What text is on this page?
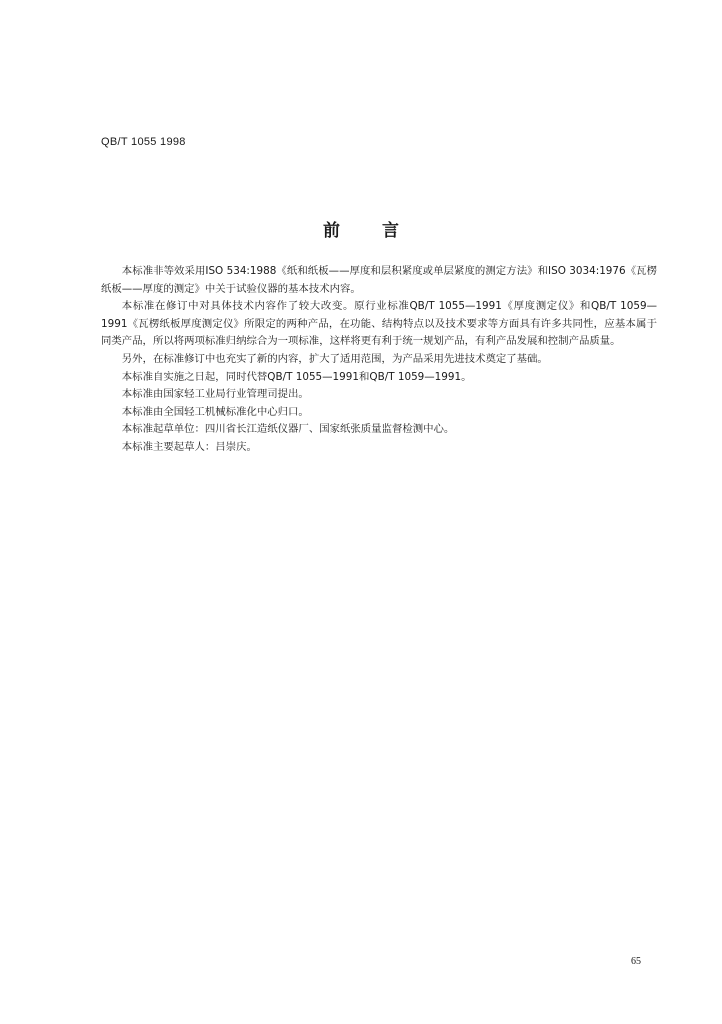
QB/T 1055 1998
前言

本标准非等效采用ISO 534:1988《纸和纸板——厚度和层积紧度或单层紧度的测定方法》和ISO 3034:1976《瓦楞纸板——厚度的测定》中关于试验仪器的基本技术内容。

本标准在修订中对具体技术内容作了较大改变。原行业标准QB/T 1055—1991《厚度测定仪》和QB/T 1059—1991《瓦楞纸板厚度测定仪》所限定的两种产品，在功能、结构特点以及技术要求等方面具有许多共同性，应基本属于同类产品，所以将两项标准归纳综合为一项标准，这样将更有利于统一规划产品，有利产品发展和控制产品质量。

另外，在标准修订中也充实了新的内容，扩大了适用范围，为产品采用先进技术奠定了基础。

本标准自实施之日起，同时代替QB/T 1055—1991和QB/T 1059—1991。

本标准由国家轻工业局行业管理司提出。

本标准由全国轻工机械标准化中心归口。

本标准起草单位：四川省长江造纸仪器厂、国家纸张质量监督检测中心。

本标准主要起草人：吕崇庆。

65
